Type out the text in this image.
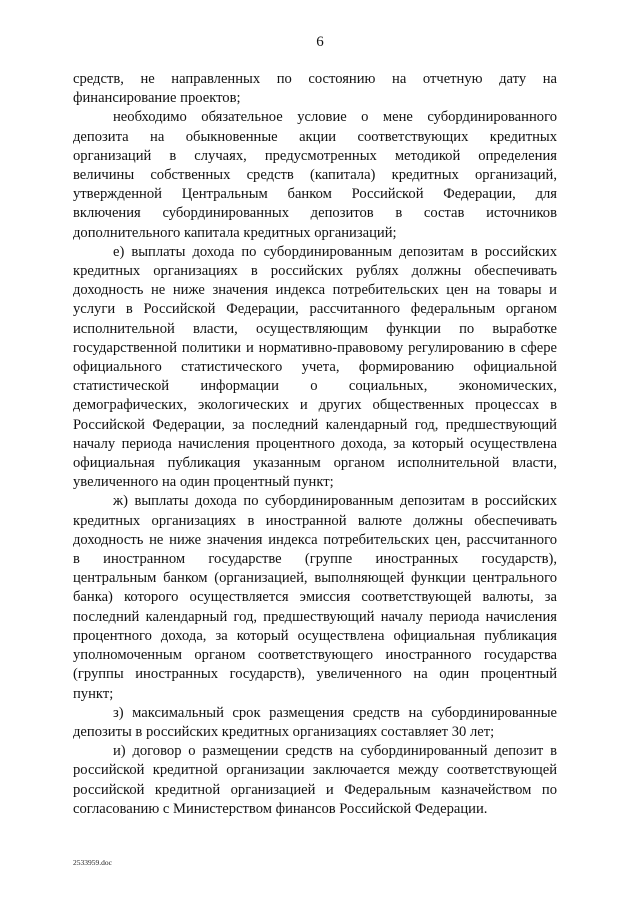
6
средств, не направленных по состоянию на отчетную дату на
финансирование проектов;
необходимо обязательное условие о мене субординированного
депозита на обыкновенные акции соответствующих кредитных
организаций в случаях, предусмотренных методикой определения
величины собственных средств (капитала) кредитных организаций,
утвержденной Центральным банком Российской Федерации, для
включения субординированных депозитов в состав источников
дополнительного капитала кредитных организаций;
е) выплаты дохода по субординированным депозитам в российских
кредитных организациях в российских рублях должны обеспечивать
доходность не ниже значения индекса потребительских цен на товары и
услуги в Российской Федерации, рассчитанного федеральным органом
исполнительной власти, осуществляющим функции по выработке
государственной политики и нормативно-правовому регулированию в сфере
официального статистического учета, формированию официальной
статистической информации о социальных, экономических,
демографических, экологических и других общественных процессах в
Российской Федерации, за последний календарный год, предшествующий
началу периода начисления процентного дохода, за который осуществлена
официальная публикация указанным органом исполнительной власти,
увеличенного на один процентный пункт;
ж) выплаты дохода по субординированным депозитам в российских
кредитных организациях в иностранной валюте должны обеспечивать
доходность не ниже значения индекса потребительских цен, рассчитанного
в иностранном государстве (группе иностранных государств),
центральным банком (организацией, выполняющей функции центрального
банка) которого осуществляется эмиссия соответствующей валюты, за
последний календарный год, предшествующий началу периода начисления
процентного дохода, за который осуществлена официальная публикация
уполномоченным органом соответствующего иностранного государства
(группы иностранных государств), увеличенного на один процентный
пункт;
з) максимальный срок размещения средств на субординированные
депозиты в российских кредитных организациях составляет 30 лет;
и) договор о размещении средств на субординированный депозит в
российской кредитной организации заключается между соответствующей
российской кредитной организацией и Федеральным казначейством по
согласованию с Министерством финансов Российской Федерации.
2533959.doc
